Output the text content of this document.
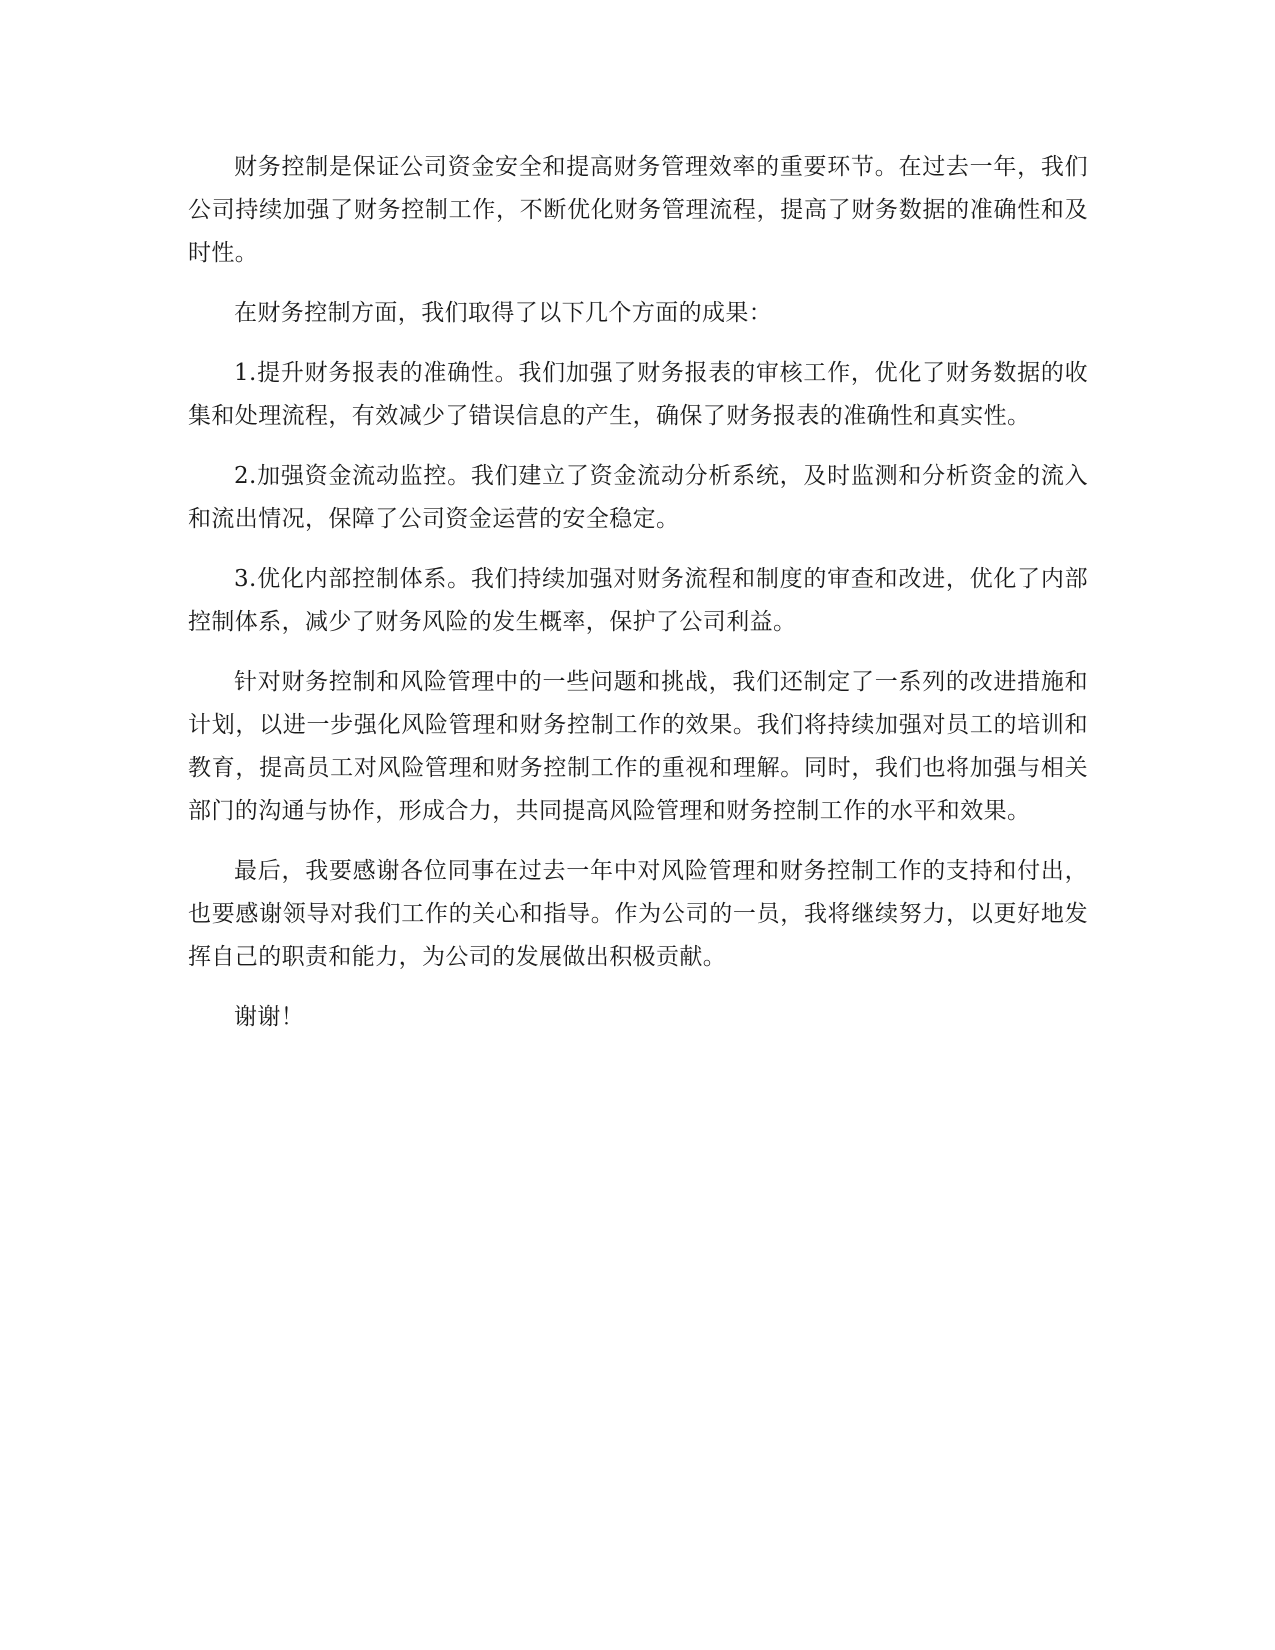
财务控制是保证公司资金安全和提高财务管理效率的重要环节。在过去一年，我们公司持续加强了财务控制工作，不断优化财务管理流程，提高了财务数据的准确性和及时性。

在财务控制方面，我们取得了以下几个方面的成果：

1.提升财务报表的准确性。我们加强了财务报表的审核工作，优化了财务数据的收集和处理流程，有效减少了错误信息的产生，确保了财务报表的准确性和真实性。

2.加强资金流动监控。我们建立了资金流动分析系统，及时监测和分析资金的流入和流出情况，保障了公司资金运营的安全稳定。

3.优化内部控制体系。我们持续加强对财务流程和制度的审查和改进，优化了内部控制体系，减少了财务风险的发生概率，保护了公司利益。

针对财务控制和风险管理中的一些问题和挑战，我们还制定了一系列的改进措施和计划，以进一步强化风险管理和财务控制工作的效果。我们将持续加强对员工的培训和教育，提高员工对风险管理和财务控制工作的重视和理解。同时，我们也将加强与相关部门的沟通与协作，形成合力，共同提高风险管理和财务控制工作的水平和效果。

最后，我要感谢各位同事在过去一年中对风险管理和财务控制工作的支持和付出，也要感谢领导对我们工作的关心和指导。作为公司的一员，我将继续努力，以更好地发挥自己的职责和能力，为公司的发展做出积极贡献。

谢谢！
